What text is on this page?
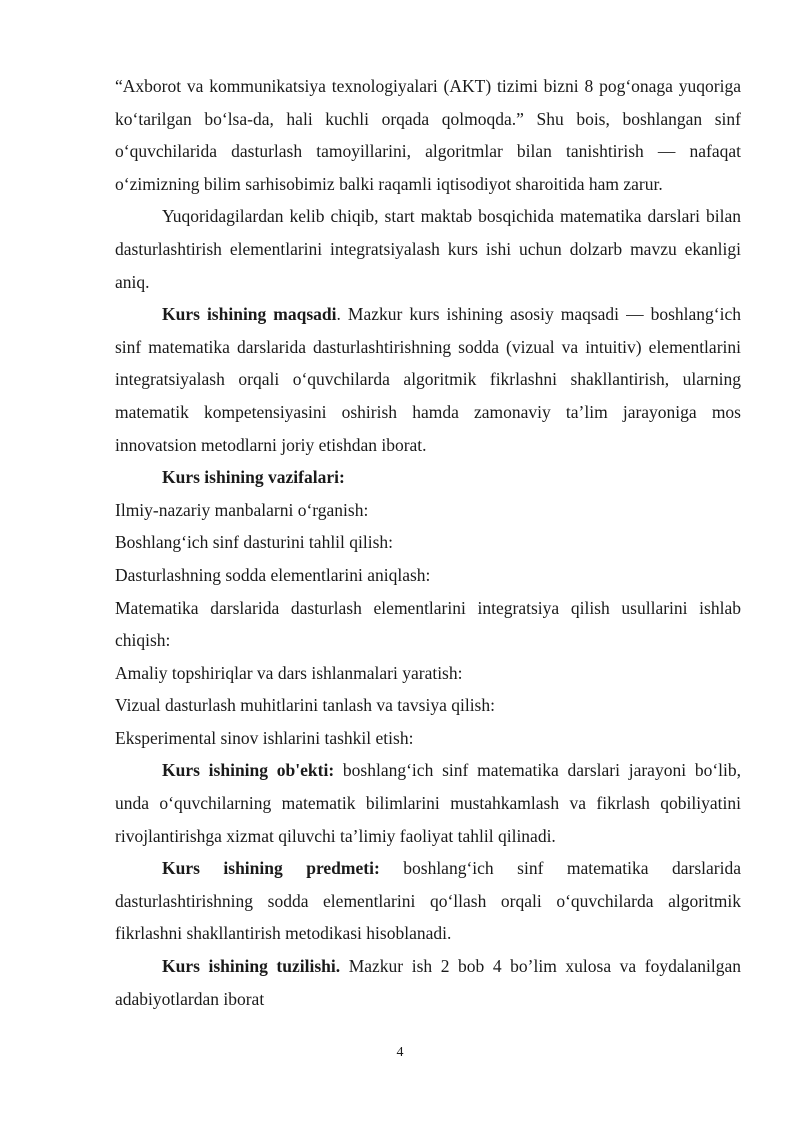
“Axborot va kommunikatsiya texnologiyalari (AKT) tizimi bizni 8 pog‘onaga yuqoriga ko‘tarilgan bo‘lsa-da, hali kuchli orqada qolmoqda.” Shu bois, boshlangan sinf o‘quvchilarida dasturlash tamoyillarini, algoritmlar bilan tanishtirish — nafaqat o‘zimizning bilim sarhisobimiz balki raqamli iqtisodiyot sharoitida ham zarur.

Yuqoridagilardan kelib chiqib, start maktab bosqichida matematika darslari bilan dasturlashtirish elementlarini integratsiyalash kurs ishi uchun dolzarb mavzu ekanligi aniq.

Kurs ishining maqsadi. Mazkur kurs ishining asosiy maqsadi — boshlang‘ich sinf matematika darslarida dasturlashtirishning sodda (vizual va intuitiv) elementlarini integratsiyalash orqali o‘quvchilarda algoritmik fikrlashni shakllantirish, ularning matematik kompetensiyasini oshirish hamda zamonaviy ta’lim jarayoniga mos innovatsion metodlarni joriy etishdan iborat.

Kurs ishining vazifalari:

Ilmiy-nazariy manbalarni o‘rganish:

Boshlang‘ich sinf dasturini tahlil qilish:

Dasturlashning sodda elementlarini aniqlash:

Matematika darslarida dasturlash elementlarini integratsiya qilish usullarini ishlab chiqish:

Amaliy topshiriqlar va dars ishlanmalari yaratish:

Vizual dasturlash muhitlarini tanlash va tavsiya qilish:

Eksperimental sinov ishlarini tashkil etish:

Kurs ishining ob'ekti: boshlang‘ich sinf matematika darslari jarayoni bo‘lib, unda o‘quvchilarning matematik bilimlarini mustahkamlash va fikrlash qobiliyatini rivojlantirishga xizmat qiluvchi ta’limiy faoliyat tahlil qilinadi.

Kurs ishining predmeti: boshlang‘ich sinf matematika darslarida dasturlashtirishning sodda elementlarini qo‘llash orqali o‘quvchilarda algoritmik fikrlashni shakllantirish metodikasi hisoblanadi.

Kurs ishining tuzilishi. Mazkur ish 2 bob 4 bo’lim xulosa va foydalanilgan adabiyotlardan iborat

4
